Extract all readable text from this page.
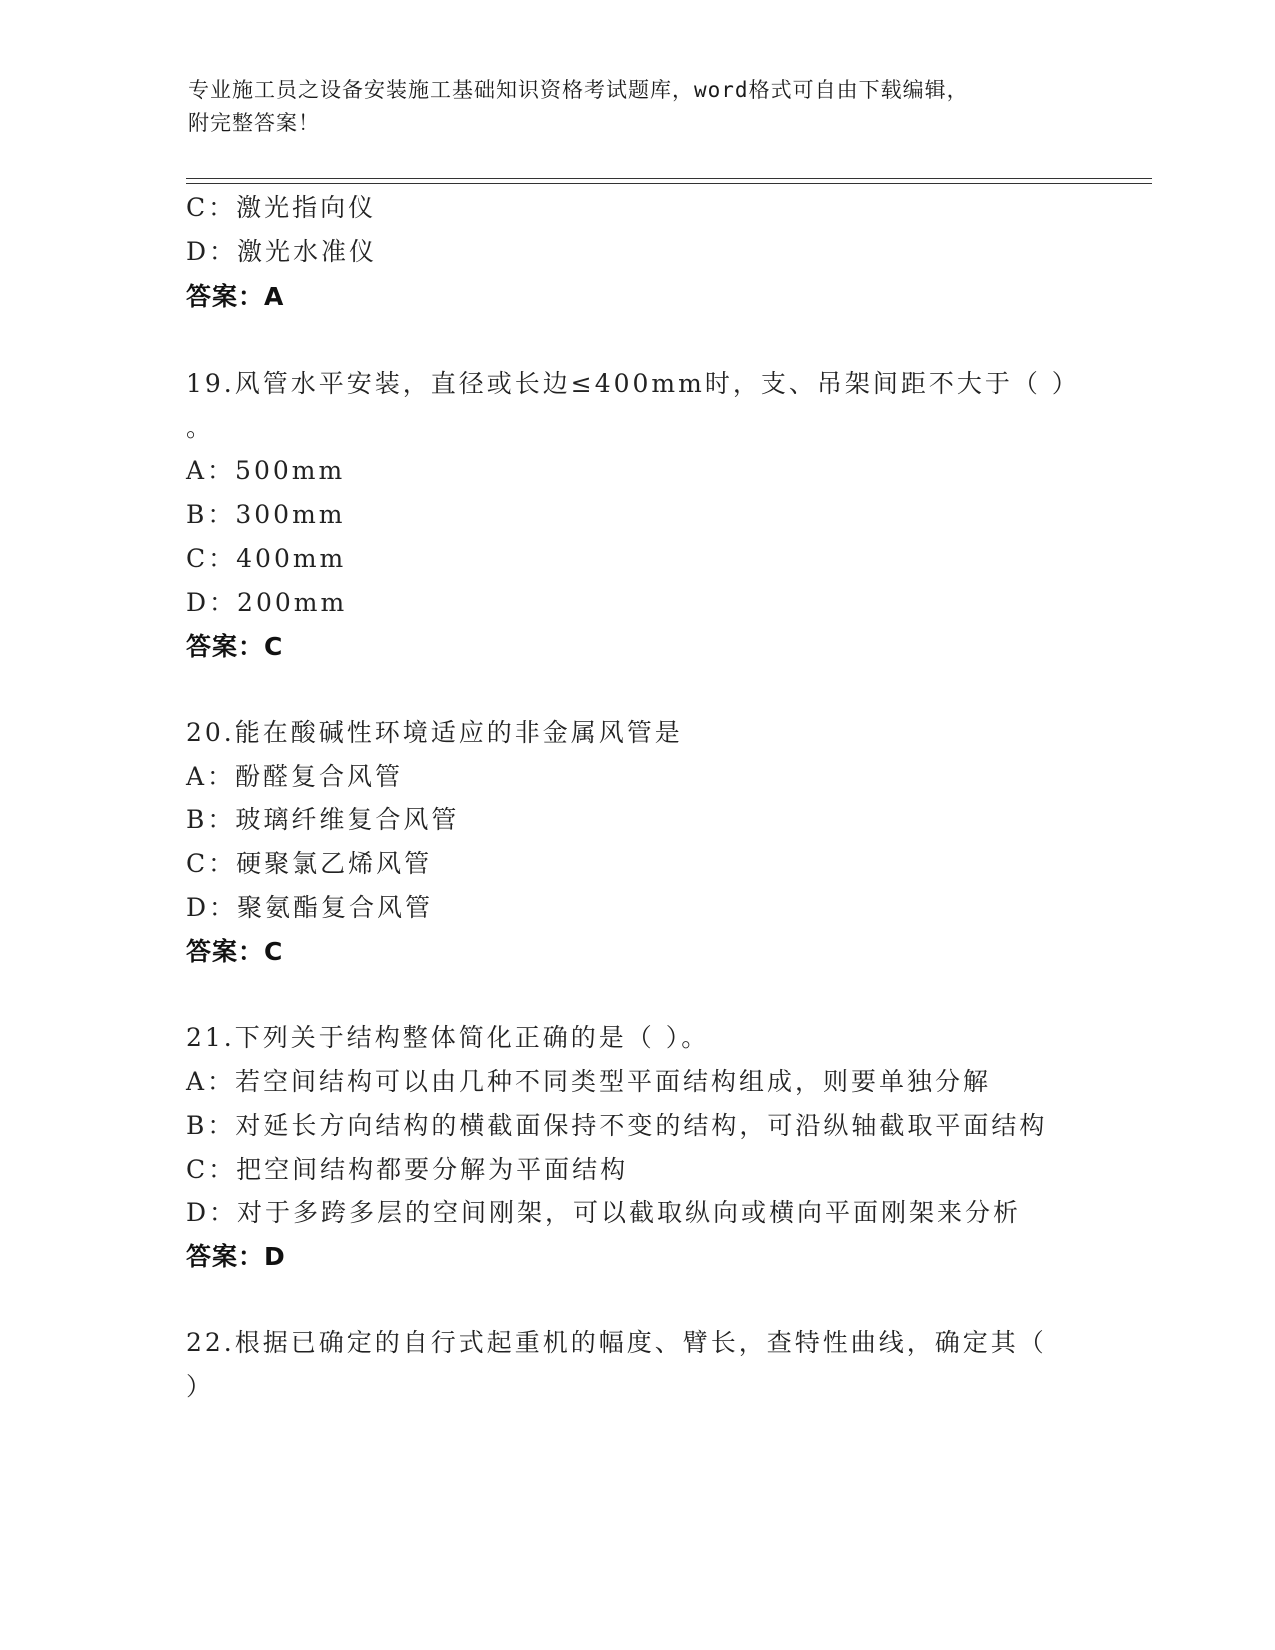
专业施工员之设备安装施工基础知识资格考试题库，word格式可自由下载编辑，
附完整答案！
C：激光指向仪
D：激光水准仪
答案：A
19.风管水平安装，直径或长边≤400mm时，支、吊架间距不大于（ ）
。
A：500mm
B：300mm
C：400mm
D：200mm
答案：C
20.能在酸碱性环境适应的非金属风管是
A：酚醛复合风管
B：玻璃纤维复合风管
C：硬聚氯乙烯风管
D：聚氨酯复合风管
答案：C
21.下列关于结构整体简化正确的是（ ）。
A：若空间结构可以由几种不同类型平面结构组成，则要单独分解
B：对延长方向结构的横截面保持不变的结构，可沿纵轴截取平面结构
C：把空间结构都要分解为平面结构
D：对于多跨多层的空间刚架，可以截取纵向或横向平面刚架来分析
答案：D
22.根据已确定的自行式起重机的幅度、臂长，查特性曲线，确定其（
）
